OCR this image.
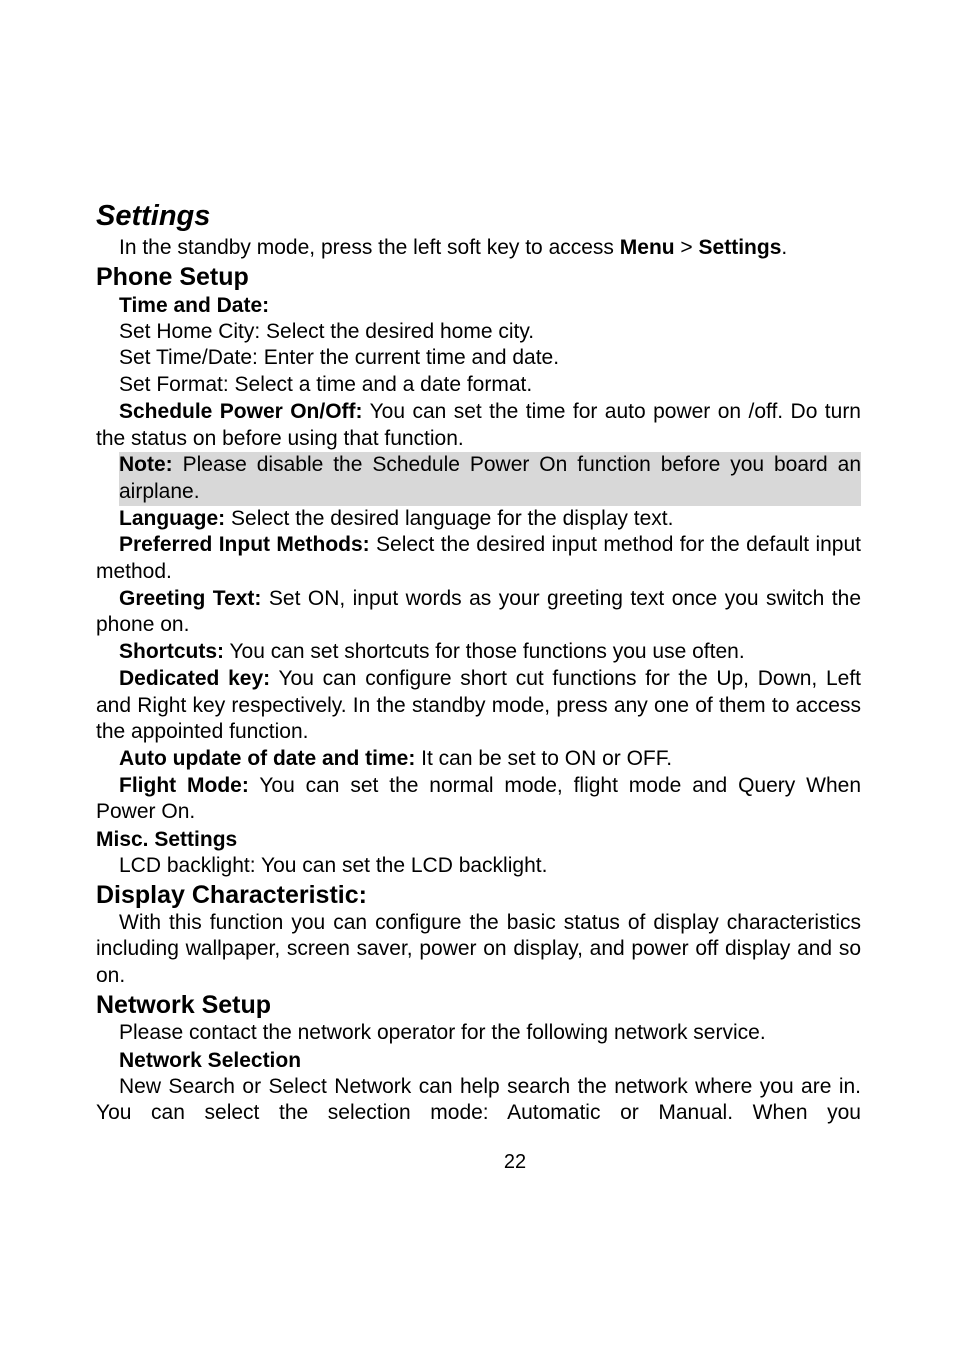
Settings

In the standby mode, press the left soft key to access Menu > Settings.

Phone Setup
Time and Date:

Set Home City: Select the desired home city.

Set Time/Date: Enter the current time and date.

Set Format: Select a time and a date format.

Schedule Power On/Off: You can set the time for auto power on /off. Do turn the status on before using that function.

Note: Please disable the Schedule Power On function before you board an airplane.

Language: Select the desired language for the display text.

Preferred Input Methods: Select the desired input method for the default input method.

Greeting Text: Set ON, input words as your greeting text once you switch the phone on.

Shortcuts: You can set shortcuts for those functions you use often.

Dedicated key: You can configure short cut functions for the Up, Down, Left and Right key respectively. In the standby mode, press any one of them to access the appointed function.

Auto update of date and time: It can be set to ON or OFF.

Flight Mode: You can set the normal mode, flight mode and Query When Power On.

Misc. Settings

LCD backlight: You can set the LCD backlight.

Display Characteristic:

With this function you can configure the basic status of display characteristics including wallpaper, screen saver, power on display, and power off display and so on.

Network Setup

Please contact the network operator for the following network service.

Network Selection

New Search or Select Network can help search the network where you are in. You can select the selection mode: Automatic or Manual. When you

22
